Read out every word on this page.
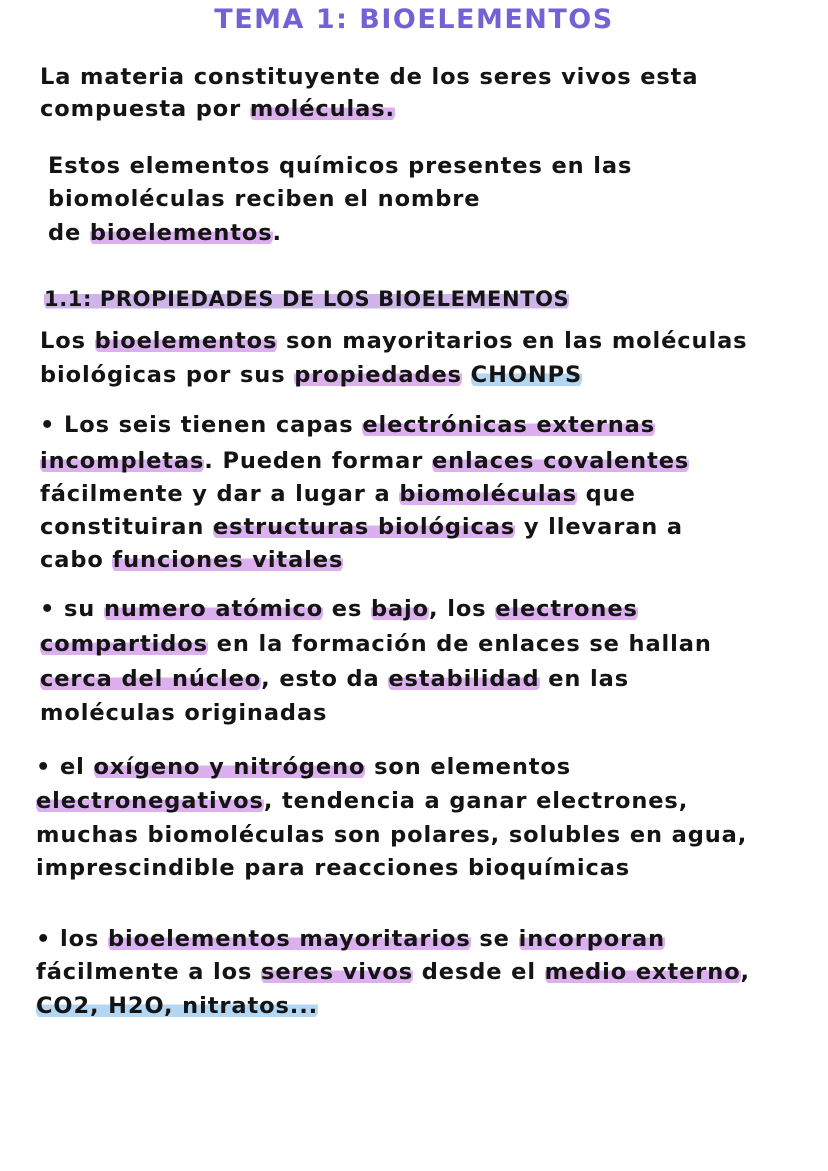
TEMA 1: BIOELEMENTOS
La materia constituyente de los seres vivos esta
compuesta por moléculas.
Estos elementos químicos presentes en las
biomoléculas reciben el nombre
de bioelementos.
1.1: PROPIEDADES DE LOS BIOELEMENTOS
Los bioelementos son mayoritarios en las moléculas
biológicas por sus propiedades CHONPS
• Los seis tienen capas electrónicas externas
incompletas. Pueden formar enlaces covalentes
fácilmente y dar a lugar a biomoléculas que
constituiran estructuras biológicas y llevaran a
cabo funciones vitales
• su numero atómico es bajo, los electrones
compartidos en la formación de enlaces se hallan
cerca del núcleo, esto da estabilidad en las
moléculas originadas
• el oxígeno y nitrógeno son elementos
electronegativos, tendencia a ganar electrones,
muchas biomoléculas son polares, solubles en agua,
imprescindible para reacciones bioquímicas
• los bioelementos mayoritarios se incorporan
fácilmente a los seres vivos desde el medio externo,
CO2, H2O, nitratos...
